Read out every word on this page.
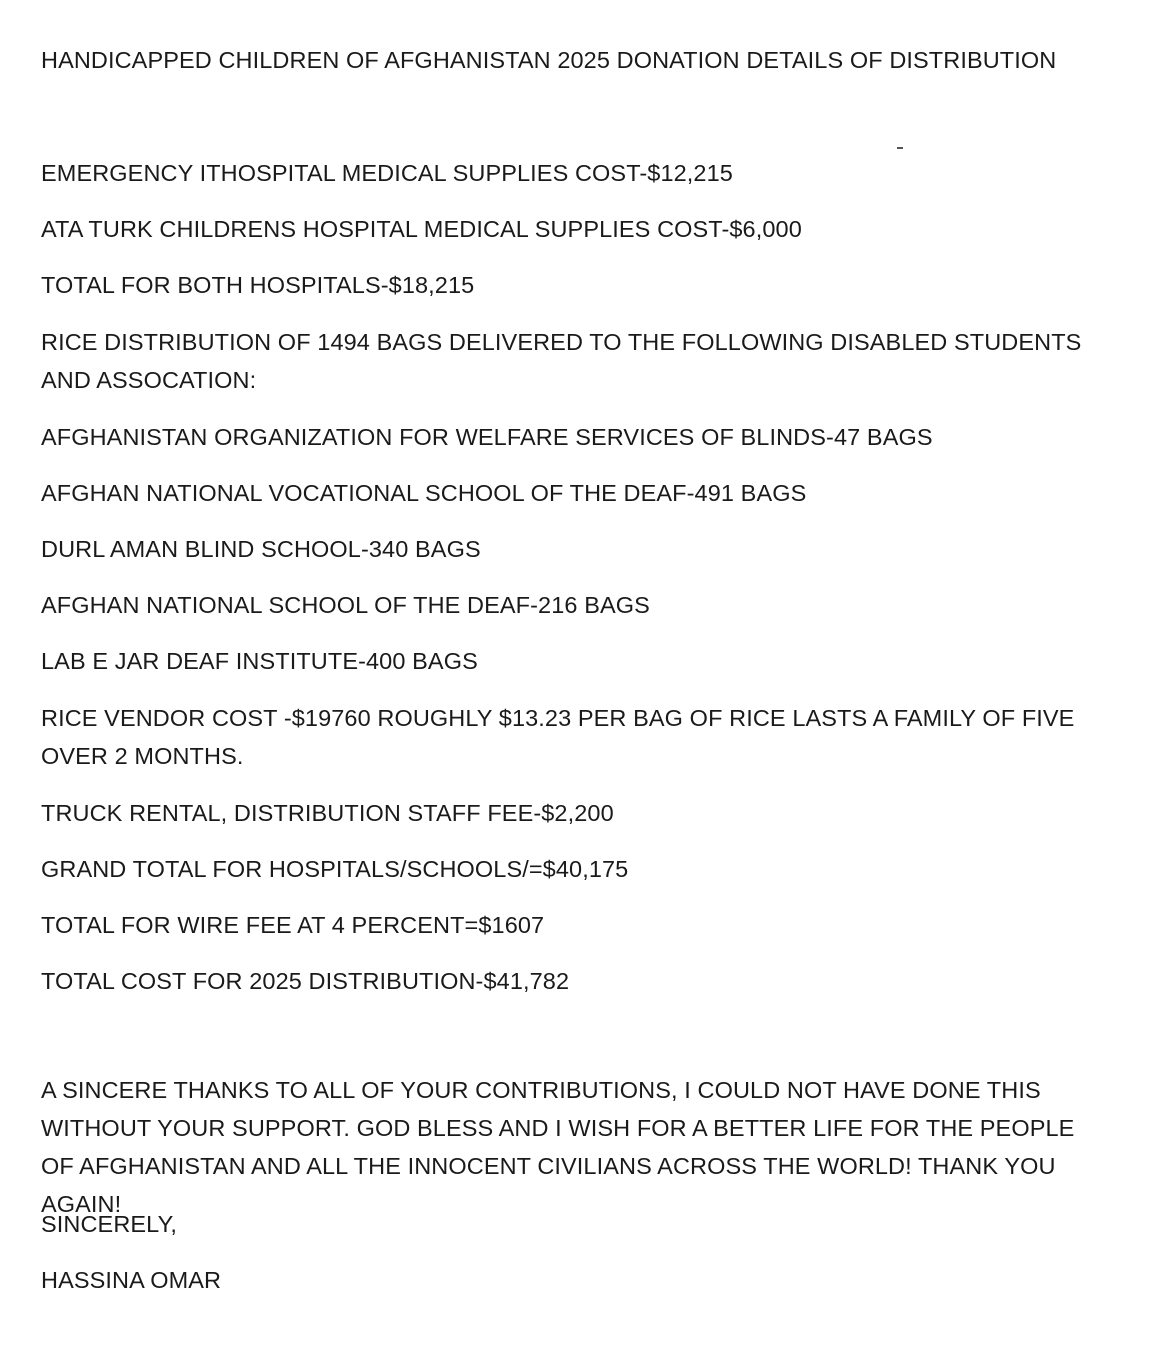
HANDICAPPED CHILDREN OF AFGHANISTAN 2025 DONATION DETAILS OF DISTRIBUTION
EMERGENCY ITHOSPITAL MEDICAL SUPPLIES COST-$12,215
ATA TURK CHILDRENS HOSPITAL MEDICAL SUPPLIES COST-$6,000
TOTAL FOR BOTH HOSPITALS-$18,215
RICE DISTRIBUTION OF 1494 BAGS DELIVERED TO THE FOLLOWING DISABLED STUDENTS AND ASSOCATION:
AFGHANISTAN ORGANIZATION FOR WELFARE SERVICES OF BLINDS-47 BAGS
AFGHAN NATIONAL VOCATIONAL SCHOOL OF THE DEAF-491 BAGS
DURL AMAN BLIND SCHOOL-340 BAGS
AFGHAN NATIONAL SCHOOL OF THE DEAF-216 BAGS
LAB E JAR DEAF INSTITUTE-400 BAGS
RICE VENDOR COST -$19760 ROUGHLY $13.23 PER BAG OF RICE LASTS A FAMILY OF FIVE OVER 2 MONTHS.
TRUCK RENTAL, DISTRIBUTION STAFF FEE-$2,200
GRAND TOTAL FOR HOSPITALS/SCHOOLS/=$40,175
TOTAL FOR WIRE FEE AT 4 PERCENT=$1607
TOTAL COST FOR 2025 DISTRIBUTION-$41,782
A SINCERE THANKS TO ALL OF YOUR CONTRIBUTIONS, I COULD NOT HAVE DONE THIS WITHOUT YOUR SUPPORT. GOD BLESS AND I WISH FOR A BETTER LIFE FOR THE PEOPLE OF AFGHANISTAN AND ALL THE INNOCENT CIVILIANS ACROSS THE WORLD! THANK YOU AGAIN!
SINCERELY,
HASSINA OMAR
